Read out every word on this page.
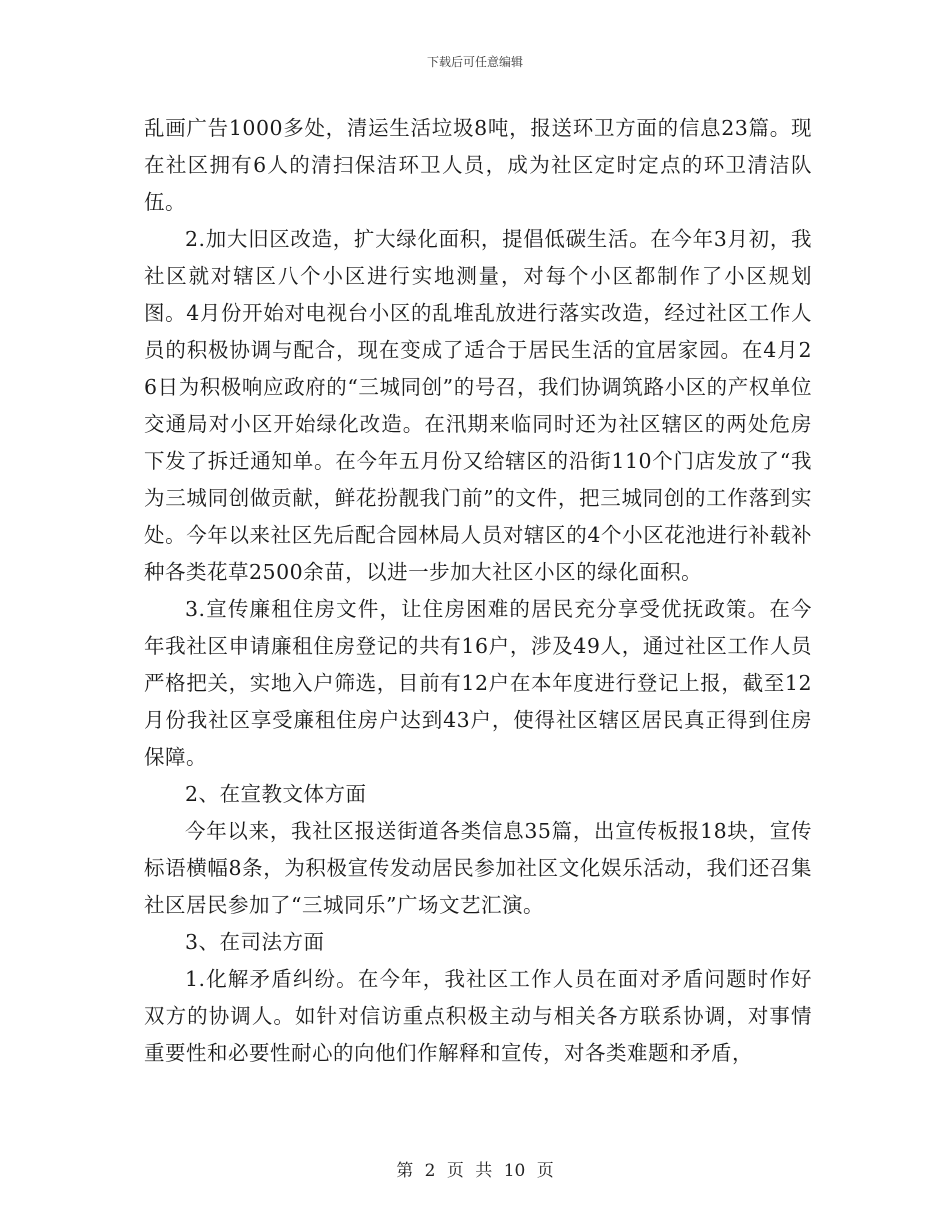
下载后可任意编辑

乱画广告1000多处，清运生活垃圾8吨，报送环卫方面的信息23篇。现在社区拥有6人的清扫保洁环卫人员，成为社区定时定点的环卫清洁队伍。

2.加大旧区改造，扩大绿化面积，提倡低碳生活。在今年3月初，我社区就对辖区八个小区进行实地测量，对每个小区都制作了小区规划图。4月份开始对电视台小区的乱堆乱放进行落实改造，经过社区工作人员的积极协调与配合，现在变成了适合于居民生活的宜居家园。在4月26日为积极响应政府的“三城同创”的号召，我们协调筑路小区的产权单位交通局对小区开始绿化改造。在汛期来临同时还为社区辖区的两处危房下发了拆迁通知单。在今年五月份又给辖区的沿街110个门店发放了“我为三城同创做贡献，鲜花扮靓我门前”的文件，把三城同创的工作落到实处。今年以来社区先后配合园林局人员对辖区的4个小区花池进行补载补种各类花草2500余苗，以进一步加大社区小区的绿化面积。

3.宣传廉租住房文件，让住房困难的居民充分享受优抚政策。在今年我社区申请廉租住房登记的共有16户，涉及49人，通过社区工作人员严格把关，实地入户筛选，目前有12户在本年度进行登记上报，截至12月份我社区享受廉租住房户达到43户，使得社区辖区居民真正得到住房保障。

2、在宣教文体方面

今年以来，我社区报送街道各类信息35篇，出宣传板报18块，宣传标语横幅8条，为积极宣传发动居民参加社区文化娱乐活动，我们还召集社区居民参加了“三城同乐”广场文艺汇演。

3、在司法方面

1.化解矛盾纠纷。在今年，我社区工作人员在面对矛盾问题时作好双方的协调人。如针对信访重点积极主动与相关各方联系协调，对事情重要性和必要性耐心的向他们作解释和宣传，对各类难题和矛盾，

第 2 页 共 10 页
